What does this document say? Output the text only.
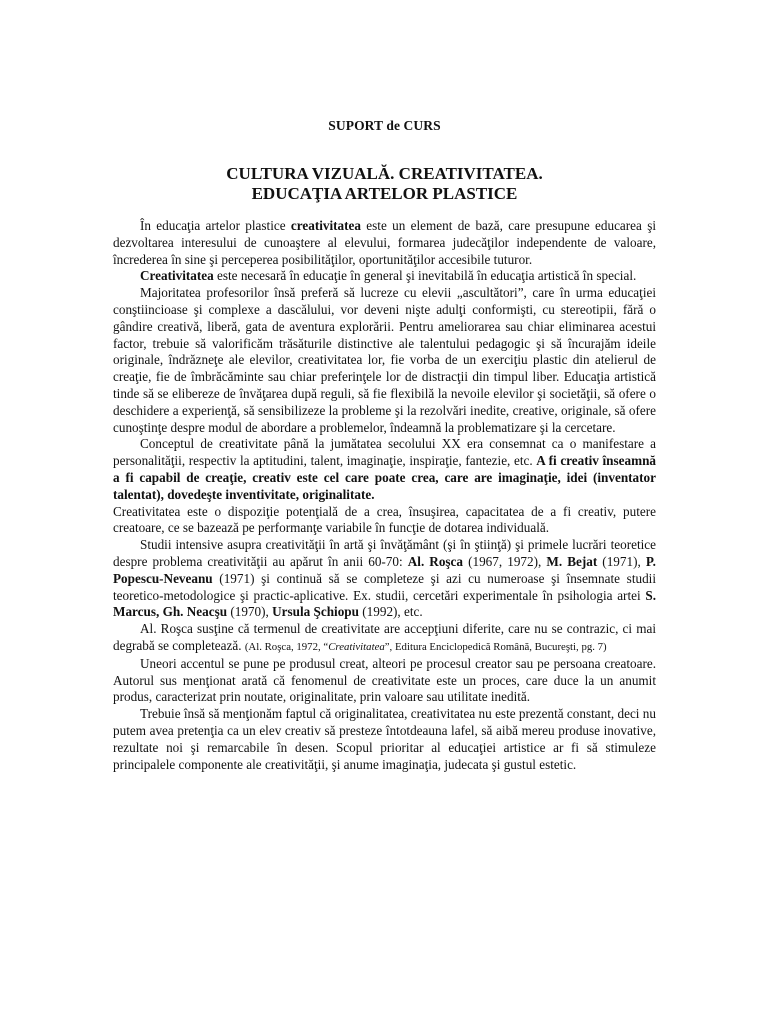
SUPORT de CURS
CULTURA VIZUALĂ. CREATIVITATEA.
EDUCAŢIA ARTELOR PLASTICE

În educaţia artelor plastice creativitatea este un element de bază, care presupune educarea şi dezvoltarea interesului de cunoaştere al elevului, formarea judecăţilor independente de valoare, încrederea în sine şi perceperea posibilităţilor, oportunităţilor accesibile tuturor.

Creativitatea este necesară în educaţie în general şi inevitabilă în educaţia artistică în special.

Majoritatea profesorilor însă preferă să lucreze cu elevii „ascultători”, care în urma educaţiei conştiincioase şi complexe a dascălului, vor deveni nişte adulţi conformişti, cu stereotipii, fără o gândire creativă, liberă, gata de aventura explorării. Pentru ameliorarea sau chiar eliminarea acestui factor, trebuie să valorificăm trăsăturile distinctive ale talentului pedagogic şi să încurajăm ideile originale, îndrăzneţe ale elevilor, creativitatea lor, fie vorba de un exerciţiu plastic din atelierul de creaţie, fie de îmbrăcăminte sau chiar preferinţele lor de distracţii din timpul liber. Educaţia artistică tinde să se elibereze de învăţarea după reguli, să fie flexibilă la nevoile elevilor şi societăţii, să ofere o deschidere a experienţă, să sensibilizeze la probleme şi la rezolvări inedite, creative, originale, să ofere cunoştinţe despre modul de abordare a problemelor, îndeamnă la problematizare şi la cercetare.

Conceptul de creativitate până la jumătatea secolului XX era consemnat ca o manifestare a personalităţii, respectiv la aptitudini, talent, imaginaţie, inspiraţie, fantezie, etc. A fi creativ înseamnă a fi capabil de creaţie, creativ este cel care poate crea, care are imaginaţie, idei (inventator talentat), dovedeşte inventivitate, originalitate.

Creativitatea este o dispoziţie potenţială de a crea, însuşirea, capacitatea de a fi creativ, putere creatoare, ce se bazează pe performanţe variabile în funcţie de dotarea individuală.

Studii intensive asupra creativităţii în artă şi învăţământ (şi în ştiinţă) şi primele lucrări teoretice despre problema creativităţii au apărut în anii 60-70: Al. Roşca (1967, 1972), M. Bejat (1971), P. Popescu-Neveanu (1971) şi continuă să se completeze şi azi cu numeroase şi însemnate studii teoretico-metodologice şi practic-aplicative. Ex. studii, cercetări experimentale în psihologia artei S. Marcus, Gh. Neacşu (1970), Ursula Şchiopu (1992), etc.

Al. Roşca susţine că termenul de creativitate are accepţiuni diferite, care nu se contrazic, ci mai degrabă se completează. (Al. Roşca, 1972, “Creativitatea”, Editura Enciclopedică Română, Bucureşti, pg. 7)

Uneori accentul se pune pe produsul creat, alteori pe procesul creator sau pe persoana creatoare. Autorul sus menţionat arată că fenomenul de creativitate este un proces, care duce la un anumit produs, caracterizat prin noutate, originalitate, prin valoare sau utilitate inedită.

Trebuie însă să menţionăm faptul că originalitatea, creativitatea nu este prezentă constant, deci nu putem avea pretenţia ca un elev creativ să presteze întotdeauna lafel, să aibă mereu produse inovative, rezultate noi şi remarcabile în desen. Scopul prioritar al educaţiei artistice ar fi să stimuleze principalele componente ale creativităţii, şi anume imaginaţia, judecata şi gustul estetic.
